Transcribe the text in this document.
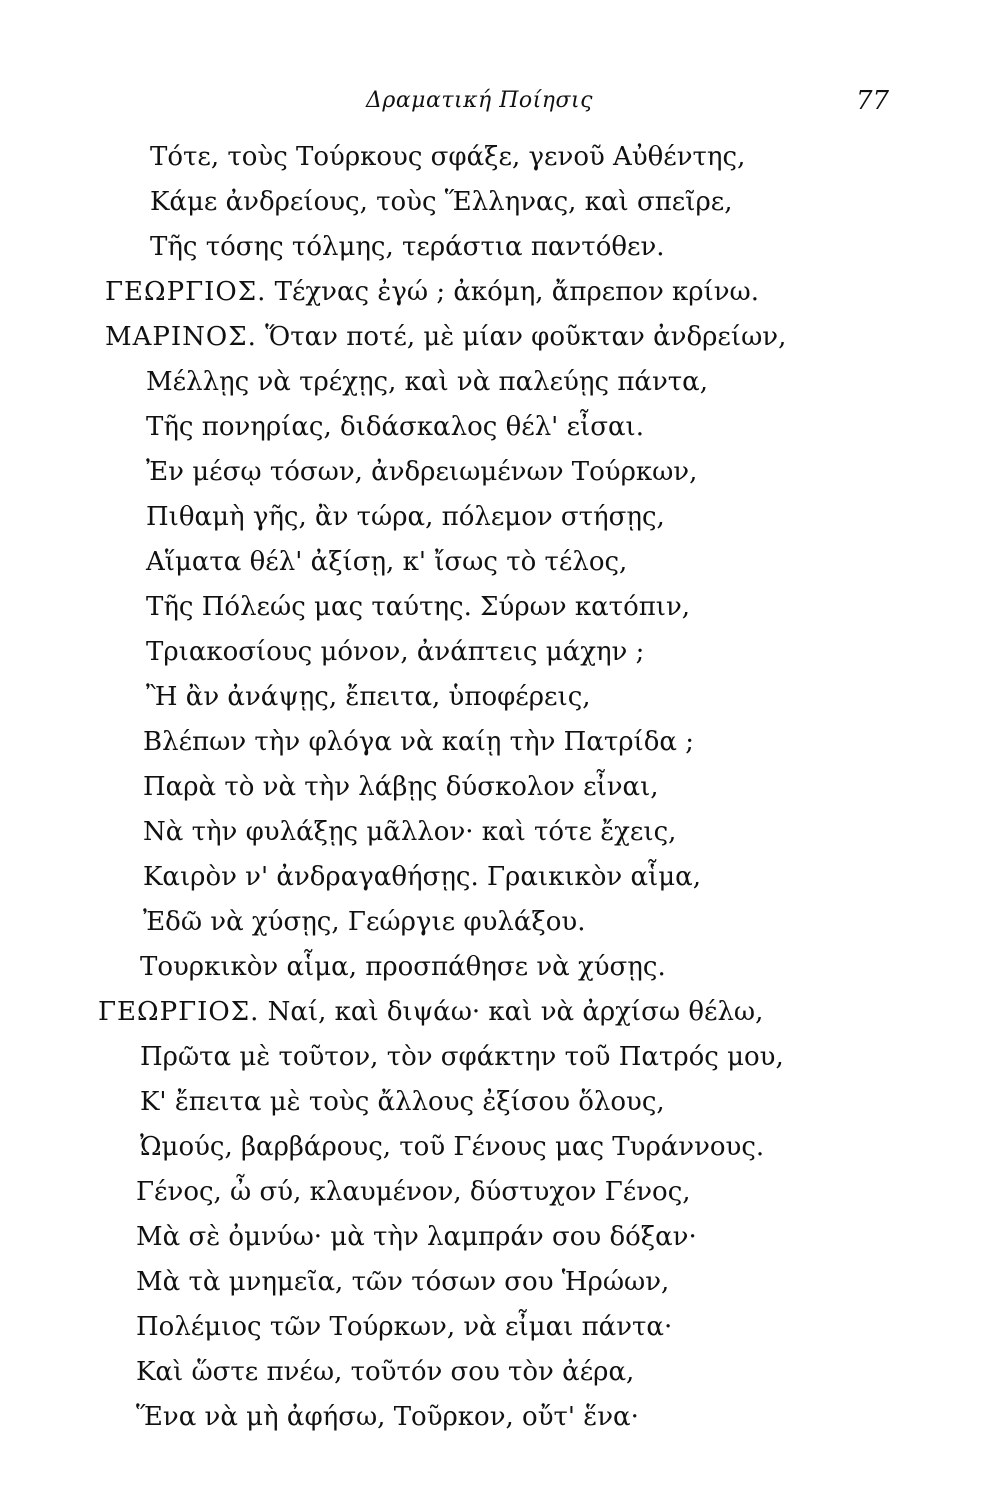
Δραματική Ποίησις	77
Τότε, τοὺς Τούρκους σφάξε, γενοῦ Αὐθέντης,
Κάμε ἀνδρείους, τοὺς Ἕλληνας, καὶ σπεῖρε,
Τῆς τόσης τόλμης, τεράστια παντόθεν.
ΓΕΩΡΓΙΟΣ. Τέχνας ἐγώ ; ἀκόμη, ἄπρεπον κρίνω.
ΜΑΡΙΝΟΣ. Ὅταν ποτέ, μὲ μίαν φοῦκταν ἀνδρείων,
Μέλλῃς νὰ τρέχῃς, καὶ νὰ παλεύῃς πάντα,
Τῆς πονηρίας, διδάσκαλος θέλ' εἶσαι.
Ἐν μέσῳ τόσων, ἀνδρειωμένων Τούρκων,
Πιθαμὴ γῆς, ἂν τώρα, πόλεμον στήσῃς,
Αἵματα θέλ' ἀξίσῃ, κ' ἴσως τὸ τέλος,
Τῆς Πόλεώς μας ταύτης. Σύρων κατόπιν,
Τριακοσίους μόνον, ἀνάπτεις μάχην ;
Ἢ ἂν ἀνάψῃς, ἔπειτα, ὑποφέρεις,
Βλέπων τὴν φλόγα νὰ καίῃ τὴν Πατρίδα ;
Παρὰ τὸ νὰ τὴν λάβῃς δύσκολον εἶναι,
Νὰ τὴν φυλάξῃς μᾶλλον· καὶ τότε ἔχεις,
Καιρὸν ν' ἀνδραγαθήσῃς. Γραικικὸν αἷμα,
Ἐδῶ νὰ χύσῃς, Γεώργιε φυλάξου.
Τουρκικὸν αἷμα, προσπάθησε νὰ χύσῃς.
ΓΕΩΡΓΙΟΣ. Ναί, καὶ διψάω· καὶ νὰ ἀρχίσω θέλω,
Πρῶτα μὲ τοῦτον, τὸν σφάκτην τοῦ Πατρός μου,
Κ' ἔπειτα μὲ τοὺς ἄλλους ἐξίσου ὅλους,
Ὠμούς, βαρβάρους, τοῦ Γένους μας Τυράννους.
Γένος, ὦ σύ, κλαυμένον, δύστυχον Γένος,
Μὰ σὲ ὀμνύω· μὰ τὴν λαμπράν σου δόξαν·
Μὰ τὰ μνημεῖα, τῶν τόσων σου Ἡρώων,
Πολέμιος τῶν Τούρκων, νὰ εἶμαι πάντα·
Καὶ ὥστε πνέω, τοῦτόν σου τὸν ἀέρα,
Ἕνα νὰ μὴ ἀφήσω, Τοῦρκον, οὔτ' ἕνα·
